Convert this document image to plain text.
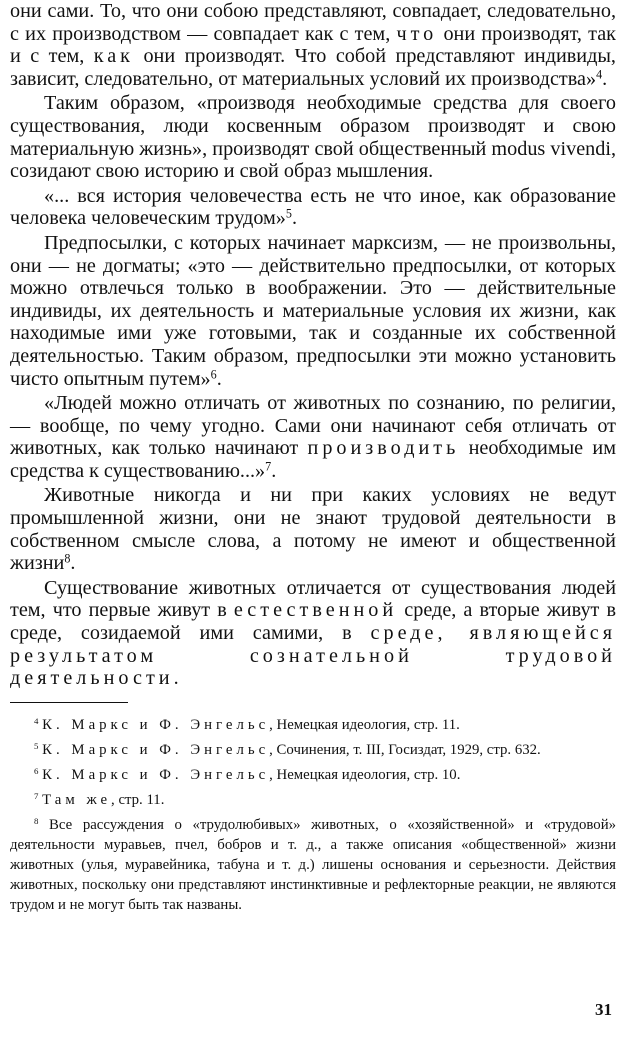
они сами. То, что они собою представляют, совпадает, следовательно, с их производством — совпадает как с тем, что они производят, так и с тем, как они производят. Что собой представляют индивиды, зависит, следовательно, от материальных условий их производства»$^4$.

Таким образом, «производя необходимые средства для своего существования, люди косвенным образом производят и свою материальную жизнь», производят свой общественный modus vivendi, созидают свою историю и свой образ мышления.

«... вся история человечества есть не что иное, как образование человека человеческим трудом»$^5$.

Предпосылки, с которых начинает марксизм, — не произвольны, они — не догматы; «это — действительно предпосылки, от которых можно отвлечься только в воображении. Это — действительные индивиды, их деятельность и материальные условия их жизни, как находимые ими уже готовыми, так и созданные их собственной деятельностью. Таким образом, предпосылки эти можно установить чисто опытным путем»$^6$.

«Людей можно отличать от животных по сознанию, по религии, — вообще, по чему угодно. Сами они начинают себя отличать от животных, как только начинают производить необходимые им средства к существованию...»$^7$.

Животные никогда и ни при каких условиях не ведут промышленной жизни, они не знают трудовой деятельности в собственном смысле слова, а потому не имеют и общественной жизни$^8$.

Существование животных отличается от существования людей тем, что первые живут в естественной среде, а вторые живут в среде, созидаемой ими самими, в среде, являющейся результатом сознательной трудовой деятельности.

$^4$ К. Маркс и Ф. Энгельс, Немецкая идеология, стр. 11.

$^5$ К. Маркс и Ф. Энгельс, Сочинения, т. III, Госиздат, 1929, стр. 632.

$^6$ К. Маркс и Ф. Энгельс, Немецкая идеология, стр. 10.

$^7$ Там же, стр. 11.

$^8$ Все рассуждения о «трудолюбивых» животных, о «хозяйственной» и «трудовой» деятельности муравьев, пчел, бобров и т. д., а также описания «общественной» жизни животных (улья, муравейника, табуна и т. д.) лишены основания и серьезности. Действия животных, поскольку они представляют инстинктивные и рефлекторные реакции, не являются трудом и не могут быть так названы.

31
